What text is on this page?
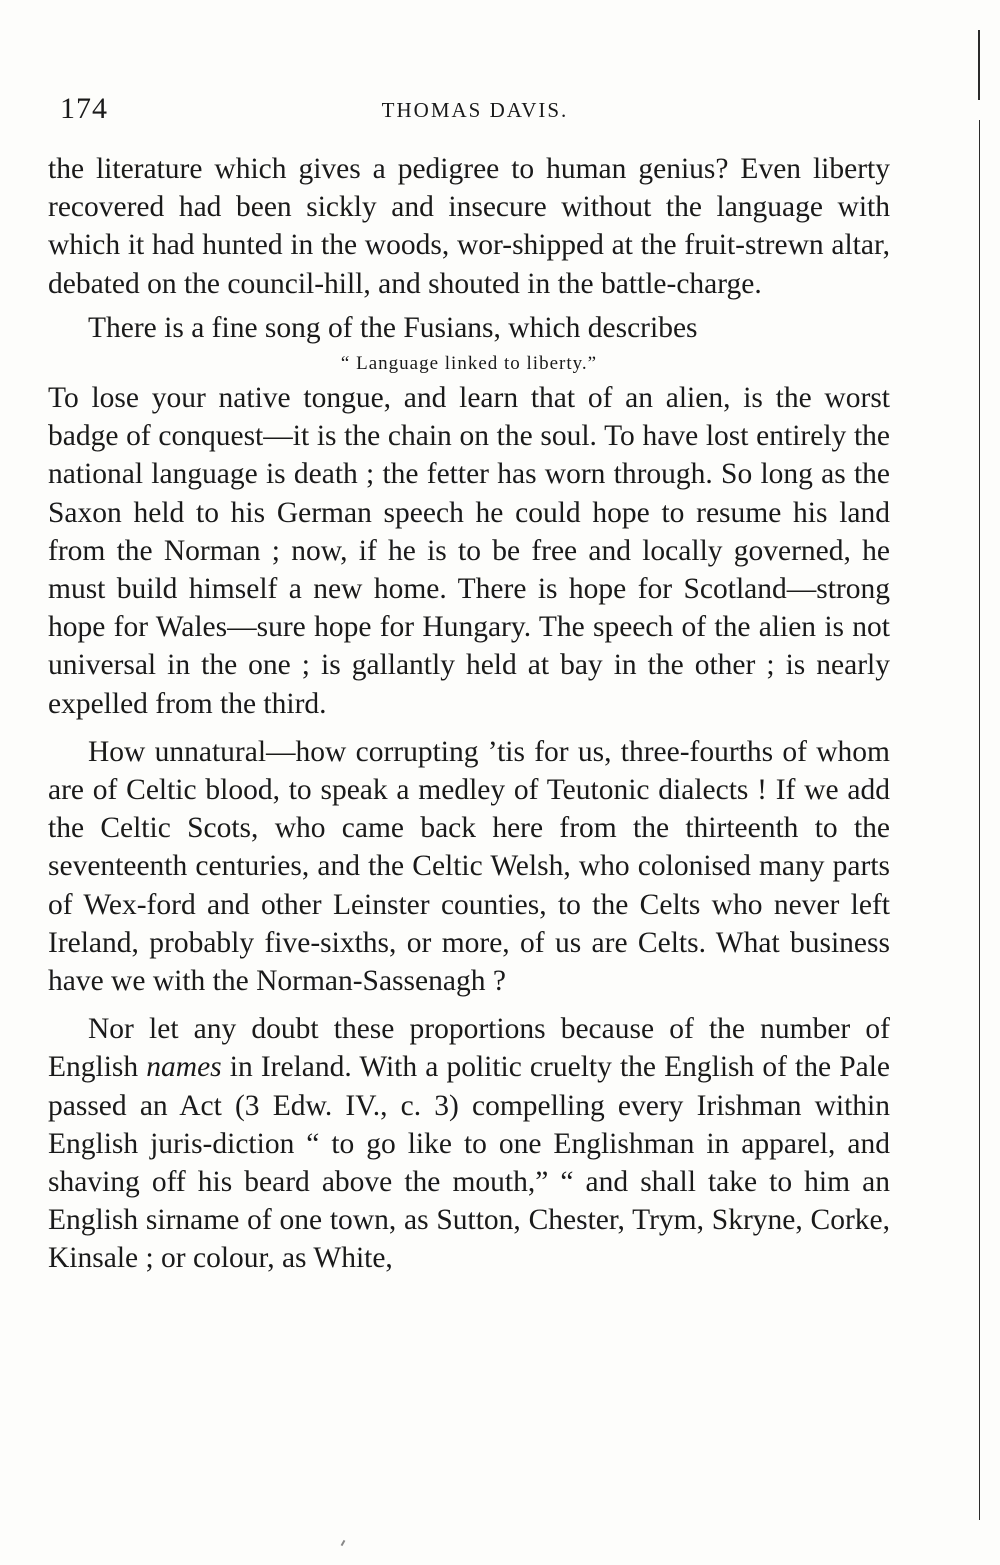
174	THOMAS DAVIS.

the literature which gives a pedigree to human genius? Even liberty recovered had been sickly and insecure without the language with which it had hunted in the woods, wor-shipped at the fruit-strewn altar, debated on the council-hill, and shouted in the battle-charge.

There is a fine song of the Fusians, which describes

“ Language linked to liberty.”

To lose your native tongue, and learn that of an alien, is the worst badge of conquest—it is the chain on the soul. To have lost entirely the national language is death ; the fetter has worn through. So long as the Saxon held to his German speech he could hope to resume his land from the Norman ; now, if he is to be free and locally governed, he must build himself a new home. There is hope for Scotland—strong hope for Wales—sure hope for Hungary. The speech of the alien is not universal in the one ; is gallantly held at bay in the other ; is nearly expelled from the third.

How unnatural—how corrupting ’tis for us, three-fourths of whom are of Celtic blood, to speak a medley of Teutonic dialects ! If we add the Celtic Scots, who came back here from the thirteenth to the seventeenth centuries, and the Celtic Welsh, who colonised many parts of Wex-ford and other Leinster counties, to the Celts who never left Ireland, probably five-sixths, or more, of us are Celts. What business have we with the Norman-Sassenagh ?

Nor let any doubt these proportions because of the number of English names in Ireland. With a politic cruelty the English of the Pale passed an Act (3 Edw. IV., c. 3) compelling every Irishman within English juris-diction “ to go like to one Englishman in apparel, and shaving off his beard above the mouth,” “ and shall take to him an English sirname of one town, as Sutton, Chester, Trym, Skryne, Corke, Kinsale ; or colour, as White,
